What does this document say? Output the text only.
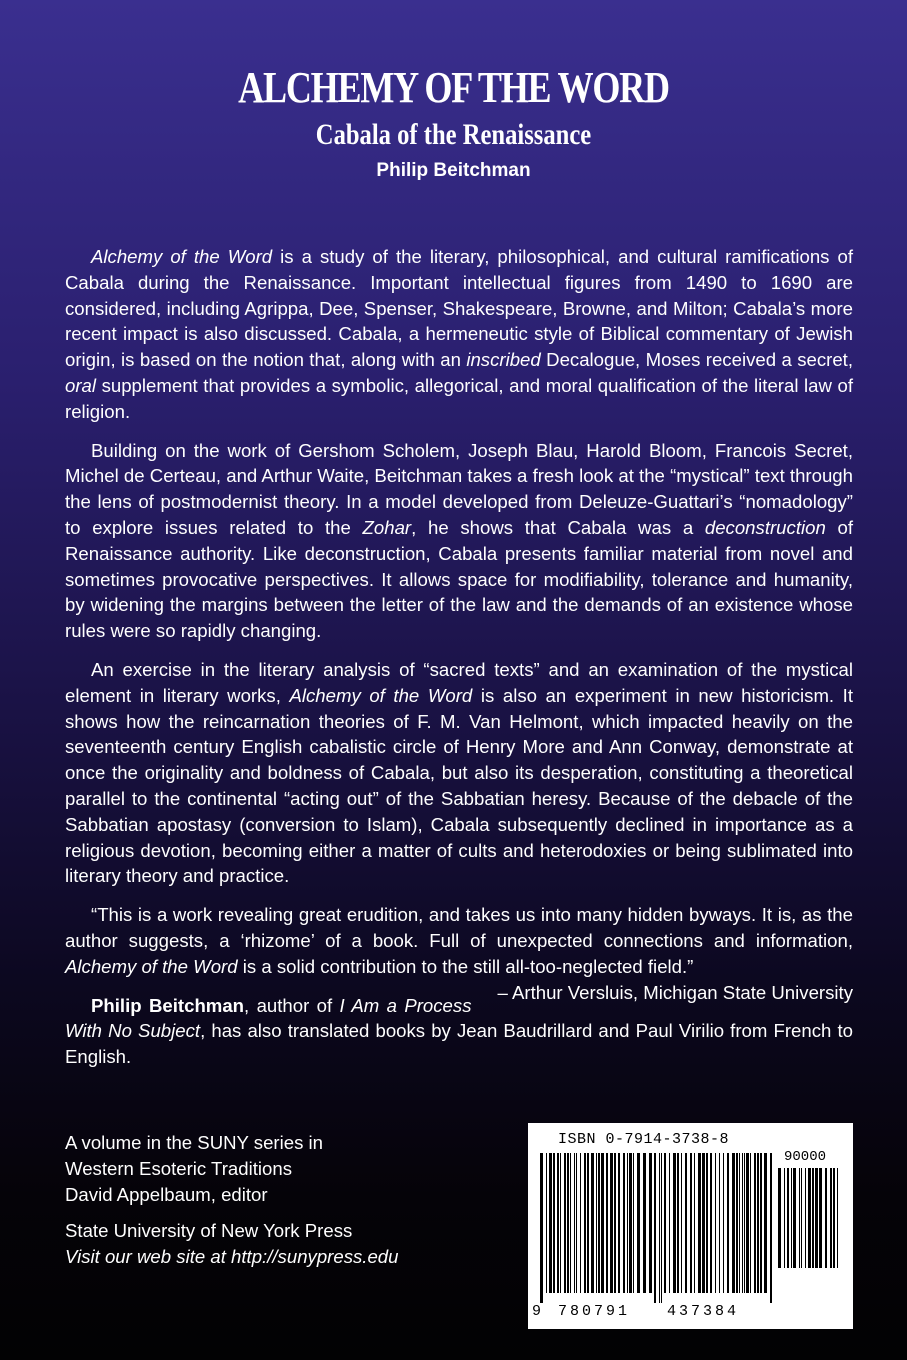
ALCHEMY OF THE WORD
Cabala of the Renaissance
Philip Beitchman

Alchemy of the Word is a study of the literary, philosophical, and cultural ramifications of Cabala during the Renaissance. Important intellectual figures from 1490 to 1690 are considered, including Agrippa, Dee, Spenser, Shakespeare, Browne, and Milton; Cabala’s more recent impact is also discussed. Cabala, a hermeneutic style of Biblical commentary of Jewish origin, is based on the notion that, along with an inscribed Decalogue, Moses received a secret, oral supplement that provides a symbolic, allegorical, and moral qualification of the literal law of religion.

Building on the work of Gershom Scholem, Joseph Blau, Harold Bloom, Francois Secret, Michel de Certeau, and Arthur Waite, Beitchman takes a fresh look at the “mystical” text through the lens of postmodernist theory. In a model developed from Deleuze-Guattari’s “nomadology” to explore issues related to the Zohar, he shows that Cabala was a deconstruction of Renaissance authority. Like deconstruction, Cabala presents familiar material from novel and sometimes provocative perspectives. It allows space for modifiability, tolerance and humanity, by widening the margins between the letter of the law and the demands of an existence whose rules were so rapidly changing.

An exercise in the literary analysis of “sacred texts” and an examination of the mystical element in literary works, Alchemy of the Word is also an experiment in new historicism. It shows how the reincarnation theories of F. M. Van Helmont, which impacted heavily on the seventeenth century English cabalistic circle of Henry More and Ann Conway, demonstrate at once the originality and boldness of Cabala, but also its desperation, constituting a theoretical parallel to the continental “acting out” of the Sabbatian heresy. Because of the debacle of the Sabbatian apostasy (conversion to Islam), Cabala subsequently declined in importance as a religious devotion, becoming either a matter of cults and heterodoxies or being sublimated into literary theory and practice.

“This is a work revealing great erudition, and takes us into many hidden byways. It is, as the author suggests, a ‘rhizome’ of a book. Full of unexpected connections and information, Alchemy of the Word is a solid contribution to the still all-too-neglected field.”
– Arthur Versluis, Michigan State University

Philip Beitchman, author of I Am a Process With No Subject, has also translated books by Jean Baudrillard and Paul Virilio from French to English.

A volume in the SUNY series in
Western Esoteric Traditions
David Appelbaum, editor
State University of New York Press
Visit our web site at http://sunypress.edu
ISBN 0-7914-3738-8
90000
9 780791 437384
